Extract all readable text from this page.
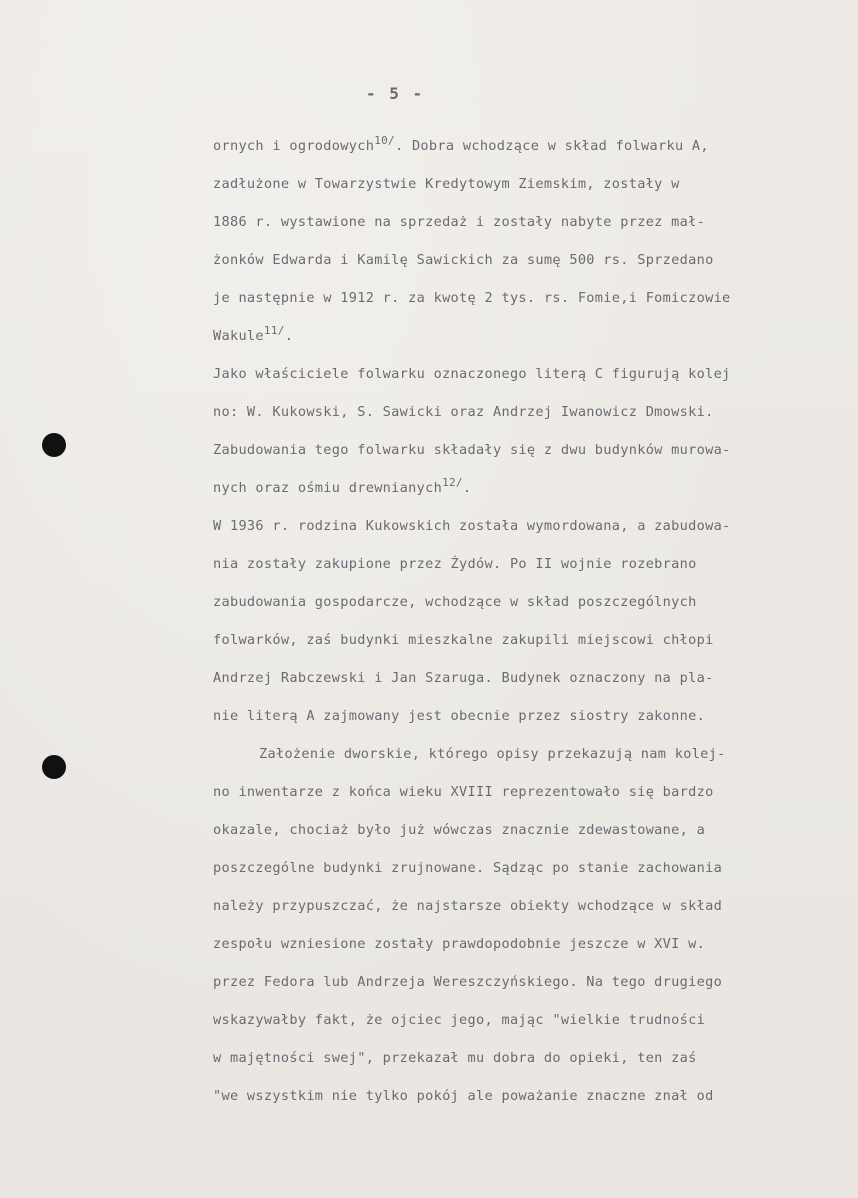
- 5 -
ornych i ogrodowych$^{10/}$. Dobra wchodzące w skład folwarku A,
zadłużone w Towarzystwie Kredytowym Ziemskim, zostały w
1886 r. wystawione na sprzedaż i zostały nabyte przez mał-
żonków Edwarda i Kamilę Sawickich za sumę 500 rs. Sprzedano
je następnie w 1912 r. za kwotę 2 tys. rs. Fomie,i Fomiczowie
Wakule$^{11/}$.
Jako właściciele folwarku oznaczonego literą C figurują kolej
no: W. Kukowski, S. Sawicki oraz Andrzej Iwanowicz Dmowski.
Zabudowania tego folwarku składały się z dwu budynków murowa-
nych oraz ośmiu drewnianych$^{12/}$.
W 1936 r. rodzina Kukowskich została wymordowana, a zabudowa-
nia zostały zakupione przez Żydów. Po II wojnie rozebrano
zabudowania gospodarcze, wchodzące w skład poszczególnych
folwarków, zaś budynki mieszkalne zakupili miejscowi chłopi
Andrzej Rabczewski i Jan Szaruga. Budynek oznaczony na pla-
nie literą A zajmowany jest obecnie przez siostry zakonne.
Założenie dworskie, którego opisy przekazują nam kolej-
no inwentarze z końca wieku XVIII reprezentowało się bardzo
okazale, chociaż było już wówczas znacznie zdewastowane, a
poszczególne budynki zrujnowane. Sądząc po stanie zachowania
należy przypuszczać, że najstarsze obiekty wchodzące w skład
zespołu wzniesione zostały prawdopodobnie jeszcze w XVI w.
przez Fedora lub Andrzeja Wereszczyńskiego. Na tego drugiego
wskazywałby fakt, że ojciec jego, mając "wielkie trudności
w majętności swej", przekazał mu dobra do opieki, ten zaś
"we wszystkim nie tylko pokój ale poważanie znaczne znał od
